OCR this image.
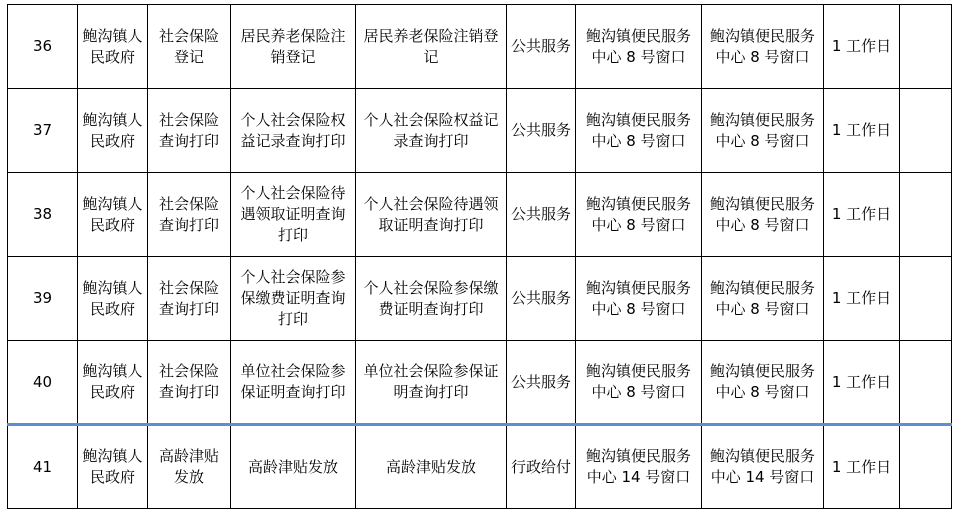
36	鲍沟镇人民政府	社会保险登记	居民养老保险注销登记	居民养老保险注销登记	公共服务	鲍沟镇便民服务中心 8 号窗口	鲍沟镇便民服务中心 8 号窗口	1 工作日	
37	鲍沟镇人民政府	社会保险查询打印	个人社会保险权益记录查询打印	个人社会保险权益记录查询打印	公共服务	鲍沟镇便民服务中心 8 号窗口	鲍沟镇便民服务中心 8 号窗口	1 工作日	
38	鲍沟镇人民政府	社会保险查询打印	个人社会保险待遇领取证明查询打印	个人社会保险待遇领取证明查询打印	公共服务	鲍沟镇便民服务中心 8 号窗口	鲍沟镇便民服务中心 8 号窗口	1 工作日	
39	鲍沟镇人民政府	社会保险查询打印	个人社会保险参保缴费证明查询打印	个人社会保险参保缴费证明查询打印	公共服务	鲍沟镇便民服务中心 8 号窗口	鲍沟镇便民服务中心 8 号窗口	1 工作日	
40	鲍沟镇人民政府	社会保险查询打印	单位社会保险参保证明查询打印	单位社会保险参保证明查询打印	公共服务	鲍沟镇便民服务中心 8 号窗口	鲍沟镇便民服务中心 8 号窗口	1 工作日	
41	鲍沟镇人民政府	高龄津贴发放	高龄津贴发放	高龄津贴发放	行政给付	鲍沟镇便民服务中心 14 号窗口	鲍沟镇便民服务中心 14 号窗口	1 工作日	
